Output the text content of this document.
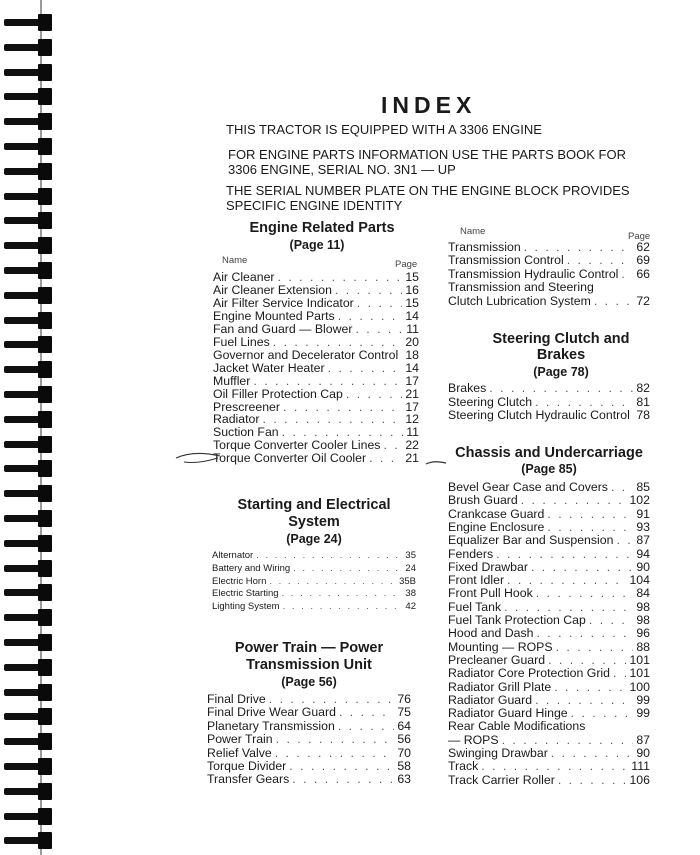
INDEX
THIS TRACTOR IS EQUIPPED WITH A 3306 ENGINE
FOR ENGINE PARTS INFORMATION USE THE PARTS BOOK FOR
3306 ENGINE, SERIAL NO. 3N1 — UP
THE SERIAL NUMBER PLATE ON THE ENGINE BLOCK PROVIDES
SPECIFIC ENGINE IDENTITY
Engine Related Parts
(Page 11)
Name	Page
Air Cleaner . . .	15
Air Cleaner Extension . . .	16
Air Filter Service Indicator . . .	15
Engine Mounted Parts . . .	14
Fan and Guard — Blower . . .	11
Fuel Lines . . .	20
Governor and Decelerator Control . . . 18
Jacket Water Heater . . .	14
Muffler . . .	17
Oil Filler Protection Cap . . .	21
Prescreener . . .	17
Radiator . . .	12
Suction Fan . . .	11
Torque Converter Cooler Lines . . . 22
Torque Converter Oil Cooler . . .	21
Starting and Electrical
System
(Page 24)
Alternator . . .	35
Battery and Wiring . . .	24
Electric Horn . . .	35B
Electric Starting . . .	38
Lighting System . . .	42
Power Train — Power
Transmission Unit
(Page 56)
Final Drive . . .	76
Final Drive Wear Guard . . .	75
Planetary Transmission . . .	64
Power Train . . .	56
Relief Valve . . .	70
Torque Divider . . .	58
Transfer Gears . . .	63
Name	Page
Transmission . . .	62
Transmission Control . . .	69
Transmission Hydraulic Control . . . 66
Transmission and Steering
Clutch Lubrication System . . .	72
Steering Clutch and
Brakes
(Page 78)
Brakes . . .	82
Steering Clutch . . .	81
Steering Clutch Hydraulic Control . . . 78
Chassis and Undercarriage
(Page 85)
Bevel Gear Case and Covers . . . 85
Brush Guard . . .	102
Crankcase Guard . . .	91
Engine Enclosure . . .	93
Equalizer Bar and Suspension . . . 87
Fenders . . .	94
Fixed Drawbar . . .	90
Front Idler . . .	104
Front Pull Hook . . .	84
Fuel Tank . . .	98
Fuel Tank Protection Cap . . .	98
Hood and Dash . . .	96
Mounting — ROPS . . .	88
Precleaner Guard . . .	101
Radiator Core Protection Grid . . . 101
Radiator Grill Plate . . .	100
Radiator Guard . . .	99
Radiator Guard Hinge . . .	99
Rear Cable Modifications
— ROPS . . .	87
Swinging Drawbar . . .	90
Track . . .	111
Track Carrier Roller . . .	106
